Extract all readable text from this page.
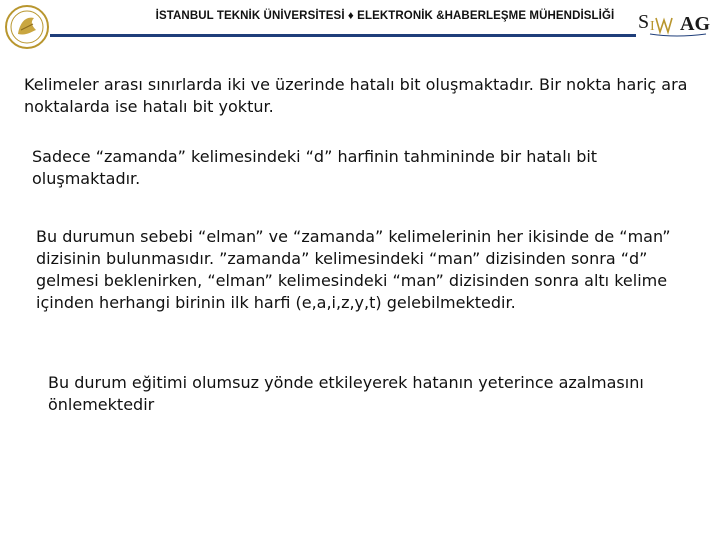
İSTANBUL TEKNİK ÜNİVERSİTESİ ♦ ELEKTRONİK &HABERLEŞME MÜHENDİSLİĞİ	S I AG

Kelimeler arası sınırlarda iki ve üzerinde hatalı bit oluşmaktadır. Bir nokta hariç ara noktalarda ise hatalı bit yoktur.

Sadece “zamanda” kelimesindeki “d” harfinin tahmininde bir hatalı bit oluşmaktadır.

Bu durumun sebebi “elman” ve “zamanda” kelimelerinin her ikisinde de “man” dizisinin bulunmasıdır. ”zamanda” kelimesindeki “man” dizisinden sonra “d” gelmesi beklenirken, “elman” kelimesindeki “man” dizisinden sonra altı kelime içinden herhangi birinin ilk harfi (e,a,i,z,y,t) gelebilmektedir.

Bu durum eğitimi olumsuz yönde etkileyerek hatanın yeterince azalmasını önlemektedir
